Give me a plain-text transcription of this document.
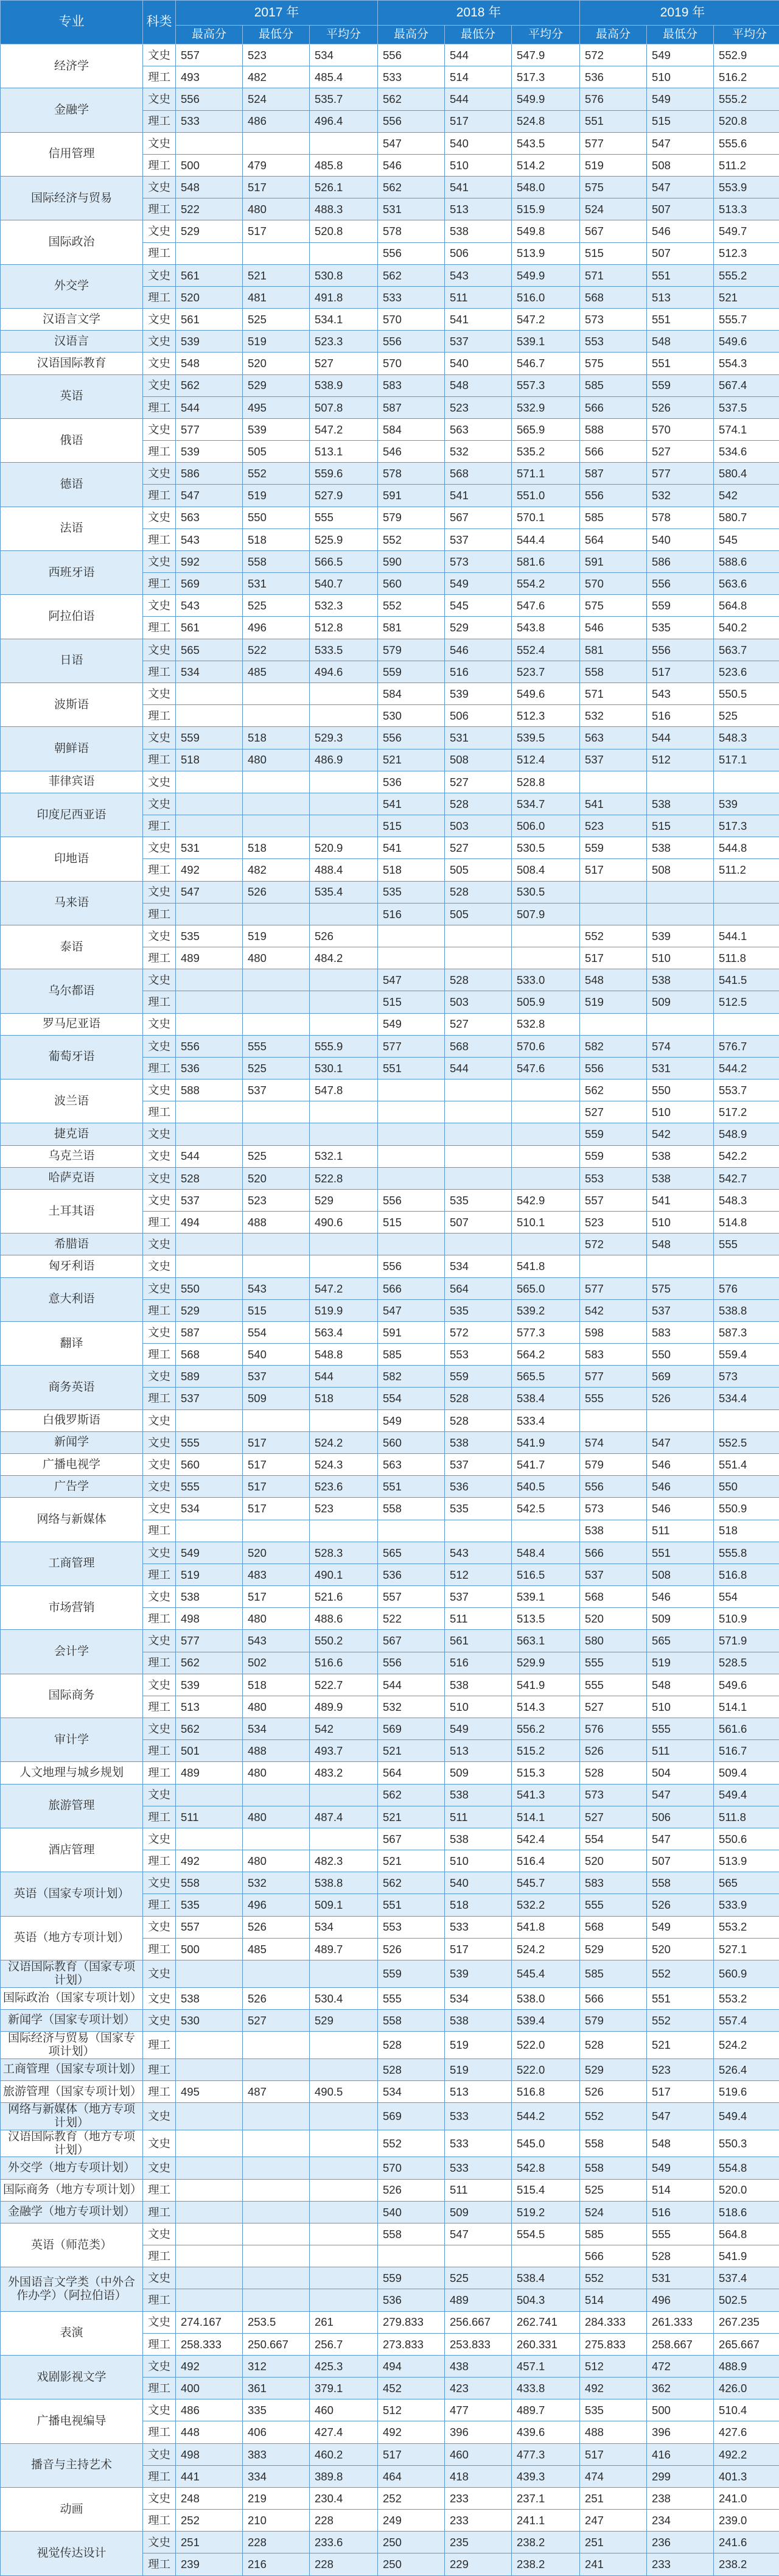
专业	科类	2017 年			2018 年			2019 年		
		最高分	最低分	平均分	最高分	最低分	平均分	最高分	最低分	平均分
经济学	文史	557	523	534	556	544	547.9	572	549	552.9
	理工	493	482	485.4	533	514	517.3	536	510	516.2
金融学	文史	556	524	535.7	562	544	549.9	576	549	555.2
	理工	533	486	496.4	556	517	524.8	551	515	520.8
信用管理	文史				547	540	543.5	577	547	555.6
	理工	500	479	485.8	546	510	514.2	519	508	511.2
国际经济与贸易	文史	548	517	526.1	562	541	548.0	575	547	553.9
	理工	522	480	488.3	531	513	515.9	524	507	513.3
国际政治	文史	529	517	520.8	578	538	549.8	567	546	549.7
	理工				556	506	513.9	515	507	512.3
外交学	文史	561	521	530.8	562	543	549.9	571	551	555.2
	理工	520	481	491.8	533	511	516.0	568	513	521
汉语言文学	文史	561	525	534.1	570	541	547.2	573	551	555.7
汉语言	文史	539	519	523.3	556	537	539.1	553	548	549.6
汉语国际教育	文史	548	520	527	570	540	546.7	575	551	554.3
英语	文史	562	529	538.9	583	548	557.3	585	559	567.4
	理工	544	495	507.8	587	523	532.9	566	526	537.5
俄语	文史	577	539	547.2	584	563	565.9	588	570	574.1
	理工	539	505	513.1	546	532	535.2	566	527	534.6
德语	文史	586	552	559.6	578	568	571.1	587	577	580.4
	理工	547	519	527.9	591	541	551.0	556	532	542
法语	文史	563	550	555	579	567	570.1	585	578	580.7
	理工	543	518	525.9	552	537	544.4	564	540	545
西班牙语	文史	592	558	566.5	590	573	581.6	591	586	588.6
	理工	569	531	540.7	560	549	554.2	570	556	563.6
阿拉伯语	文史	543	525	532.3	552	545	547.6	575	559	564.8
	理工	561	496	512.8	581	529	543.8	546	535	540.2
日语	文史	565	522	533.5	579	546	552.4	581	556	563.7
	理工	534	485	494.6	559	516	523.7	558	517	523.6
波斯语	文史				584	539	549.6	571	543	550.5
	理工				530	506	512.3	532	516	525
朝鲜语	文史	559	518	529.3	556	531	539.5	563	544	548.3
	理工	518	480	486.9	521	508	512.4	537	512	517.1
菲律宾语	文史				536	527	528.8			
印度尼西亚语	文史				541	528	534.7	541	538	539
	理工				515	503	506.0	523	515	517.3
印地语	文史	531	518	520.9	541	527	530.5	559	538	544.8
	理工	492	482	488.4	518	505	508.4	517	508	511.2
马来语	文史	547	526	535.4	535	528	530.5			
	理工				516	505	507.9			
泰语	文史	535	519	526				552	539	544.1
	理工	489	480	484.2				517	510	511.8
乌尔都语	文史				547	528	533.0	548	538	541.5
	理工				515	503	505.9	519	509	512.5
罗马尼亚语	文史				549	527	532.8			
葡萄牙语	文史	556	555	555.9	577	568	570.6	582	574	576.7
	理工	536	525	530.1	551	544	547.6	556	531	544.2
波兰语	文史	588	537	547.8				562	550	553.7
	理工							527	510	517.2
捷克语	文史							559	542	548.9
乌克兰语	文史	544	525	532.1				559	538	542.2
哈萨克语	文史	528	520	522.8				553	538	542.7
土耳其语	文史	537	523	529	556	535	542.9	557	541	548.3
	理工	494	488	490.6	515	507	510.1	523	510	514.8
希腊语	文史							572	548	555
匈牙利语	文史				556	534	541.8			
意大利语	文史	550	543	547.2	566	564	565.0	577	575	576
	理工	529	515	519.9	547	535	539.2	542	537	538.8
翻译	文史	587	554	563.4	591	572	577.3	598	583	587.3
	理工	568	540	548.8	585	553	564.2	583	550	559.4
商务英语	文史	589	537	544	582	559	565.5	577	569	573
	理工	537	509	518	554	528	538.4	555	526	534.4
白俄罗斯语	文史				549	528	533.4			
新闻学	文史	555	517	524.2	560	538	541.9	574	547	552.5
广播电视学	文史	560	517	524.3	563	537	541.7	579	546	551.4
广告学	文史	555	517	523.6	551	536	540.5	556	546	550
网络与新媒体	文史	534	517	523	558	535	542.5	573	546	550.9
	理工							538	511	518
工商管理	文史	549	520	528.3	565	543	548.4	566	551	555.8
	理工	519	483	490.1	536	512	516.5	537	508	516.8
市场营销	文史	538	517	521.6	557	537	539.1	568	546	554
	理工	498	480	488.6	522	511	513.5	520	509	510.9
会计学	文史	577	543	550.2	567	561	563.1	580	565	571.9
	理工	562	502	516.6	556	516	529.9	555	519	528.5
国际商务	文史	539	518	522.7	544	538	541.9	555	548	549.6
	理工	513	480	489.9	532	510	514.3	527	510	514.1
审计学	文史	562	534	542	569	549	556.2	576	555	561.6
	理工	501	488	493.7	521	513	515.2	526	511	516.7
人文地理与城乡规划	理工	489	480	483.2	564	509	515.3	528	504	509.4
旅游管理	文史				562	538	541.3	573	547	549.4
	理工	511	480	487.4	521	511	514.1	527	506	511.8
酒店管理	文史				567	538	542.4	554	547	550.6
	理工	492	480	482.3	521	510	516.4	520	507	513.9
英语（国家专项计划）	文史	558	532	538.8	562	540	545.7	583	558	565
	理工	535	496	509.1	551	518	532.2	555	526	533.9
英语（地方专项计划）	文史	557	526	534	553	533	541.8	568	549	553.2
	理工	500	485	489.7	526	517	524.2	529	520	527.1
汉语国际教育（国家专项计划）	文史				559	539	545.4	585	552	560.9
国际政治（国家专项计划）	文史	538	526	530.4	555	534	538.0	566	551	553.2
新闻学（国家专项计划）	文史	530	527	529	558	538	539.4	579	552	557.4
国际经济与贸易（国家专项计划）	理工				528	519	522.0	528	521	524.2
工商管理（国家专项计划）	理工				528	519	522.0	529	523	526.4
旅游管理（国家专项计划）	理工	495	487	490.5	534	513	516.8	526	517	519.6
网络与新媒体（地方专项计划）	文史				569	533	544.2	552	547	549.4
汉语国际教育（地方专项计划）	文史				552	533	545.0	558	548	550.3
外交学（地方专项计划）	文史				570	533	542.8	558	549	554.8
国际商务（地方专项计划）	理工				526	511	515.4	525	514	520.0
金融学（地方专项计划）	理工				540	509	519.2	524	516	518.6
英语（师范类）	文史				558	547	554.5	585	555	564.8
	理工							566	528	541.9
外国语言文学类（中外合作办学）（阿拉伯语）	文史				559	525	538.4	552	531	537.4
	理工				536	489	504.3	514	496	502.5
表演	文史	274.167	253.5	261	279.833	256.667	262.741	284.333	261.333	267.235
	理工	258.333	250.667	256.7	273.833	253.833	260.331	275.833	258.667	265.667
戏剧影视文学	文史	492	312	425.3	494	438	457.1	512	472	488.9
	理工	400	361	379.1	452	423	433.8	492	362	426.0
广播电视编导	文史	486	335	460	512	477	489.7	535	500	510.4
	理工	448	406	427.4	492	396	439.6	488	396	427.6
播音与主持艺术	文史	498	383	460.2	517	460	477.3	517	416	492.2
	理工	441	334	389.8	464	418	439.3	474	299	401.3
动画	文史	248	219	230.4	252	233	237.1	251	238	241.0
	理工	252	210	228	249	233	241.1	247	234	239.0
视觉传达设计	文史	251	228	233.6	250	235	238.2	251	236	241.6
	理工	239	216	228	250	229	238.2	241	233	238.2
